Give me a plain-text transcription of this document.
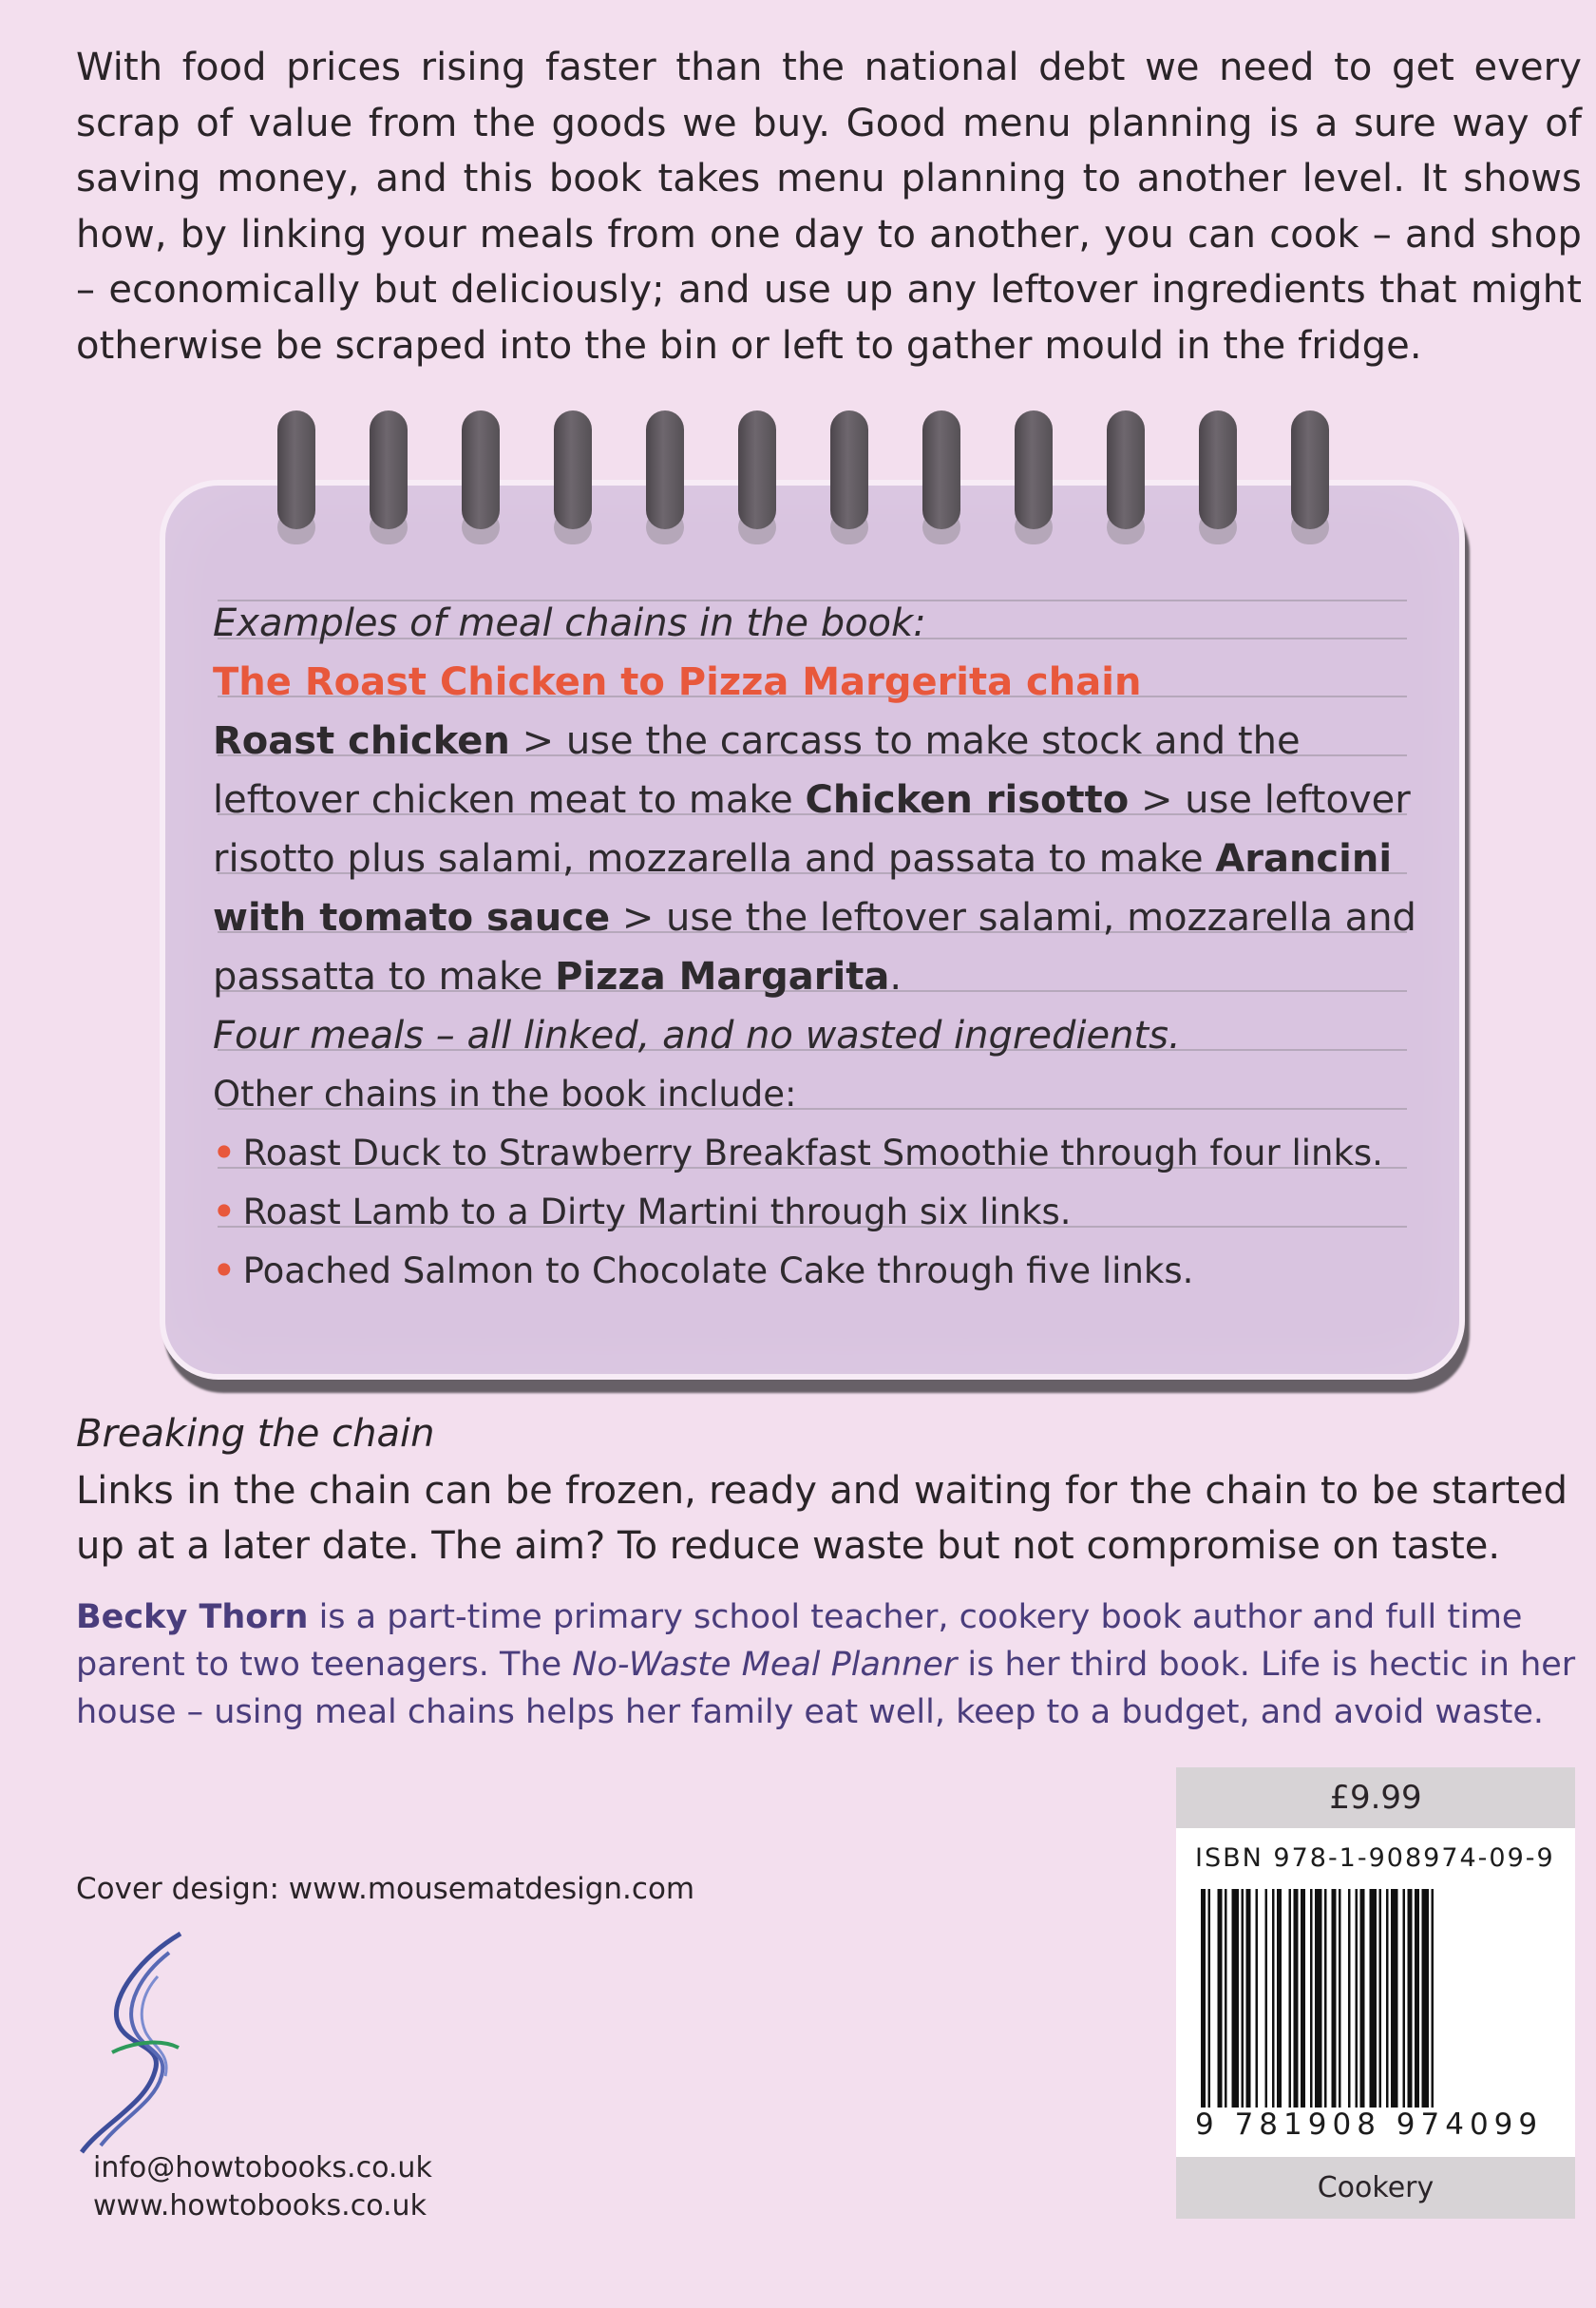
With food prices rising faster than the national debt we need to get every scrap of value from the goods we buy. Good menu planning is a sure way of saving money, and this book takes menu planning to another level. It shows how, by linking your meals from one day to another, you can cook – and shop – economically but deliciously; and use up any leftover ingredients that might otherwise be scraped into the bin or left to gather mould in the fridge.

Examples of meal chains in the book:
The Roast Chicken to Pizza Margerita chain
Roast chicken > use the carcass to make stock and the
leftover chicken meat to make Chicken risotto > use leftover
risotto plus salami, mozzarella and passata to make Arancini
with tomato sauce > use the leftover salami, mozzarella and
passatta to make Pizza Margarita.
Four meals – all linked, and no wasted ingredients.
Other chains in the book include:
• Roast Duck to Strawberry Breakfast Smoothie through four links.
• Roast Lamb to a Dirty Martini through six links.
• Poached Salmon to Chocolate Cake through five links.

Breaking the chain

Links in the chain can be frozen, ready and waiting for the chain to be started up at a later date. The aim? To reduce waste but not compromise on taste.

Becky Thorn is a part-time primary school teacher, cookery book author and full time parent to two teenagers. The No-Waste Meal Planner is her third book. Life is hectic in her house – using meal chains helps her family eat well, keep to a budget, and avoid waste.

Cover design: www.mousematdesign.com

info@howtobooks.co.uk
www.howtobooks.co.uk
£9.99
ISBN 978-1-908974-09-9
9 781908 974099
Cookery
